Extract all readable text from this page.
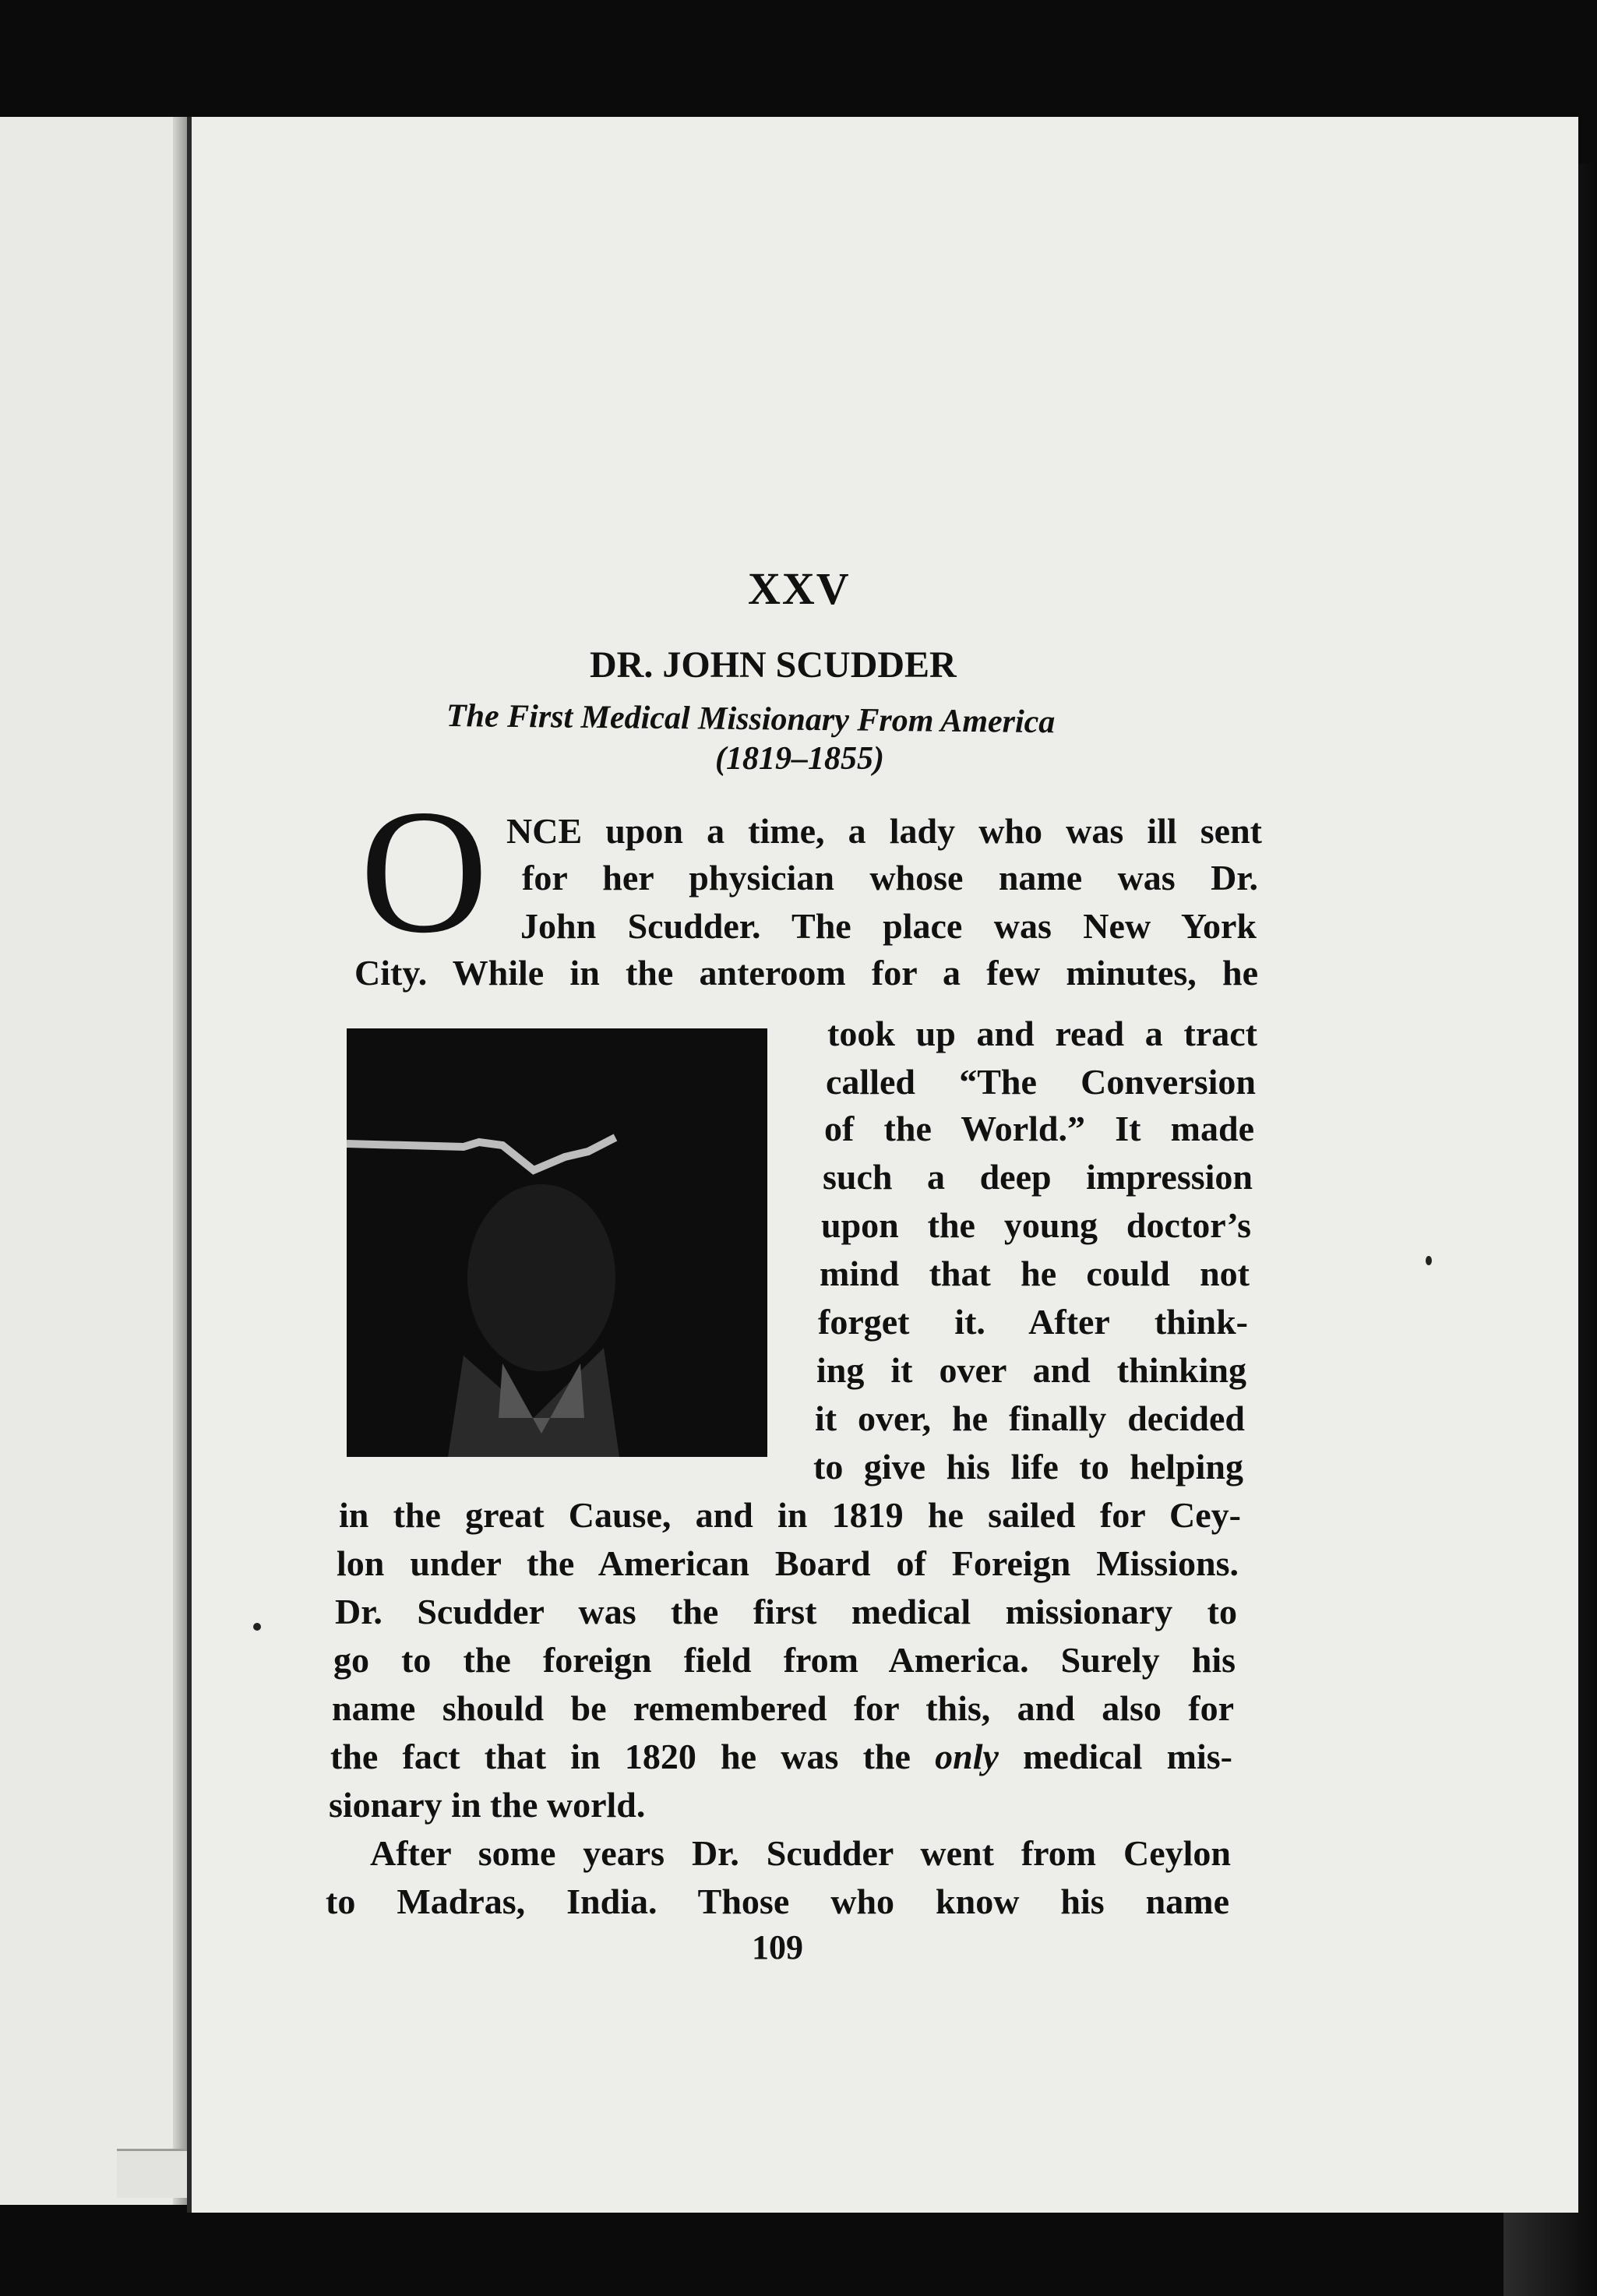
XXV
DR. JOHN SCUDDER
The First Medical Missionary From America
(1819–1855)
O NCE upon a time, a lady who was ill sent
for her physician whose name was Dr.
John Scudder. The place was New York
City. While in the anteroom for a few minutes, he
took up and read a tract
called “The Conversion
of the World.” It made
such a deep impression
upon the young doctor’s
mind that he could not
forget it. After think-
ing it over and thinking
it over, he finally decided
to give his life to helping
in the great Cause, and in 1819 he sailed for Cey-
lon under the American Board of Foreign Missions.
Dr. Scudder was the first medical missionary to
go to the foreign field from America. Surely his
name should be remembered for this, and also for
the fact that in 1820 he was the only medical mis-
sionary in the world.
After some years Dr. Scudder went from Ceylon
to Madras, India. Those who know his name
109
